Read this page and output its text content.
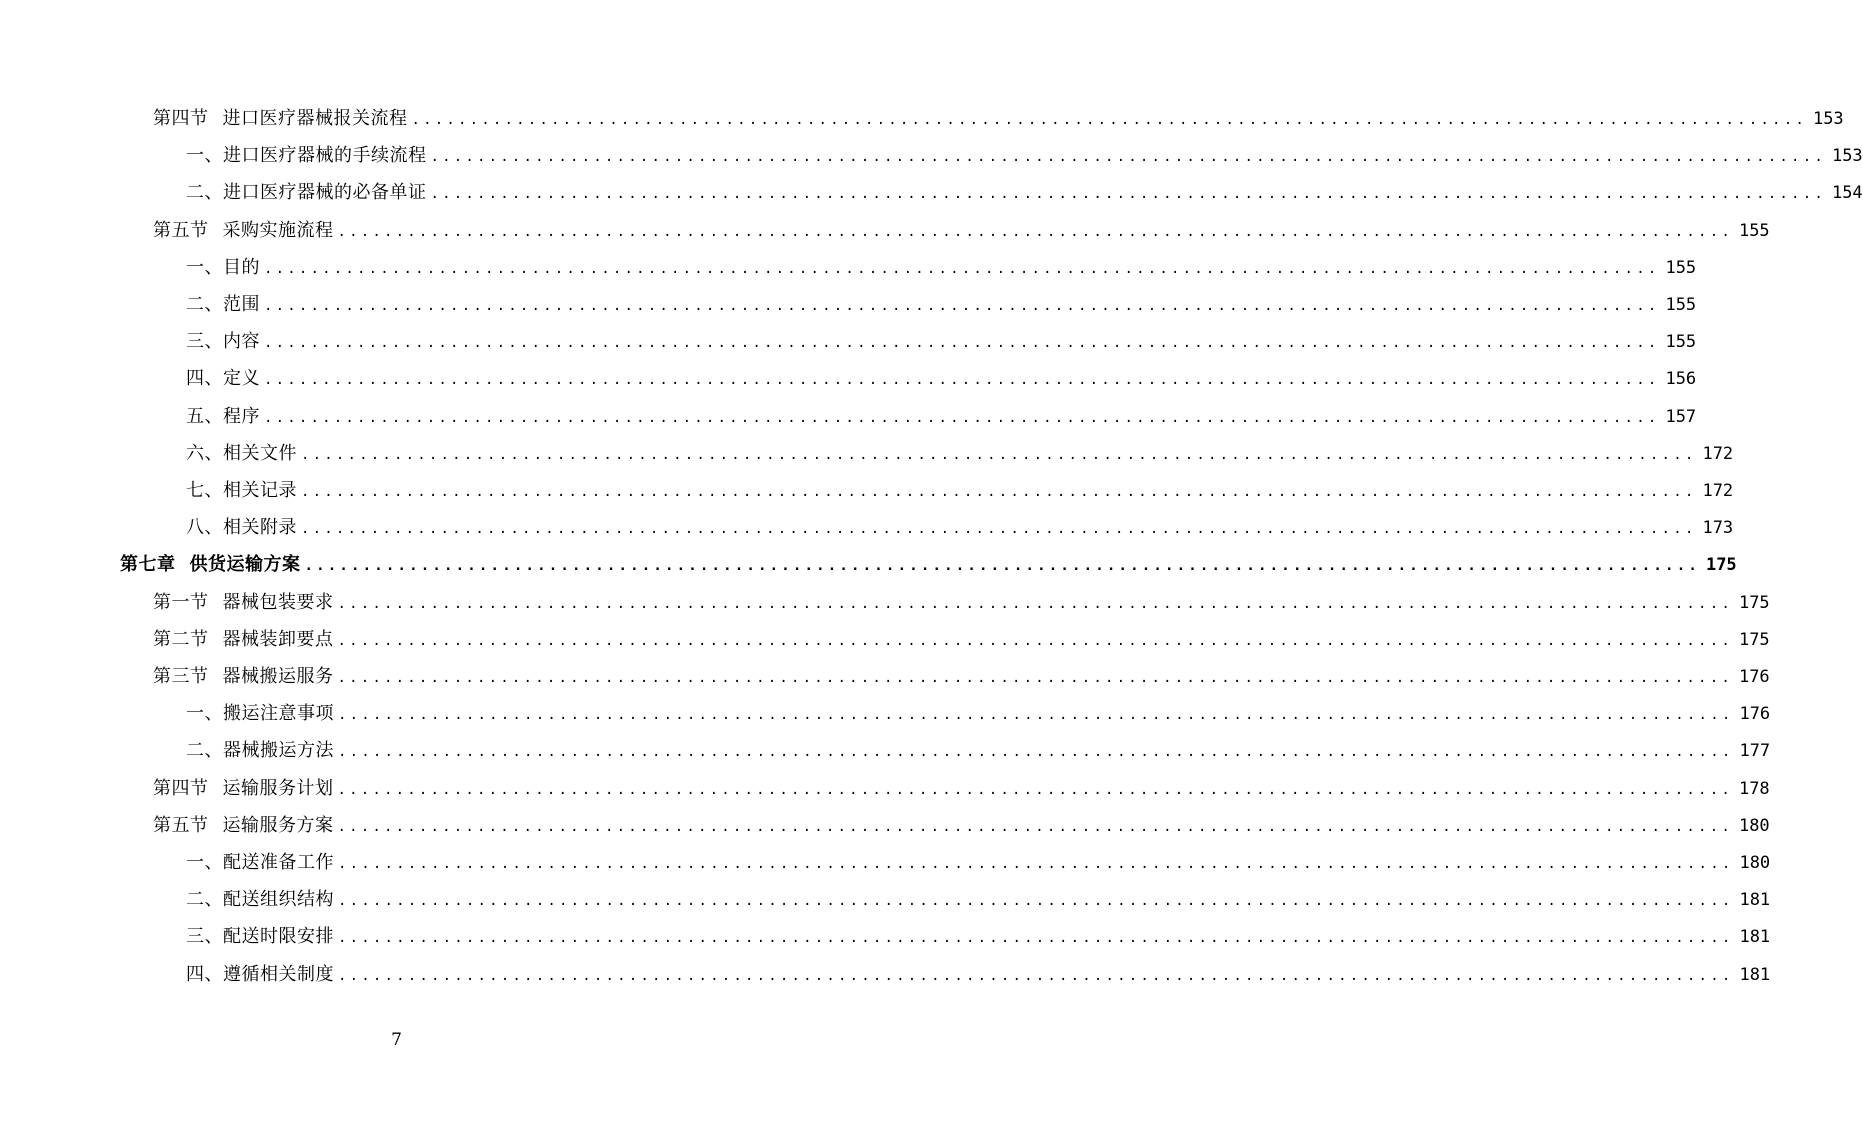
第四节 进口医疗器械报关流程 ........................................................................................................................ 153
一、进口医疗器械的手续流程 ........................................................................................................................ 153
二、进口医疗器械的必备单证 ........................................................................................................................ 154
第五节 采购实施流程 ........................................................................................................................ 155
一、目的 ........................................................................................................................ 155
二、范围 ........................................................................................................................ 155
三、内容 ........................................................................................................................ 155
四、定义 ........................................................................................................................ 156
五、程序 ........................................................................................................................ 157
六、相关文件 ........................................................................................................................ 172
七、相关记录 ........................................................................................................................ 172
八、相关附录 ........................................................................................................................ 173
第七章 供货运输方案 ........................................................................................................................ 175
第一节 器械包装要求 ........................................................................................................................ 175
第二节 器械装卸要点 ........................................................................................................................ 175
第三节 器械搬运服务 ........................................................................................................................ 176
一、搬运注意事项 ........................................................................................................................ 176
二、器械搬运方法 ........................................................................................................................ 177
第四节 运输服务计划 ........................................................................................................................ 178
第五节 运输服务方案 ........................................................................................................................ 180
一、配送准备工作 ........................................................................................................................ 180
二、配送组织结构 ........................................................................................................................ 181
三、配送时限安排 ........................................................................................................................ 181
四、遵循相关制度 ........................................................................................................................ 181
7
